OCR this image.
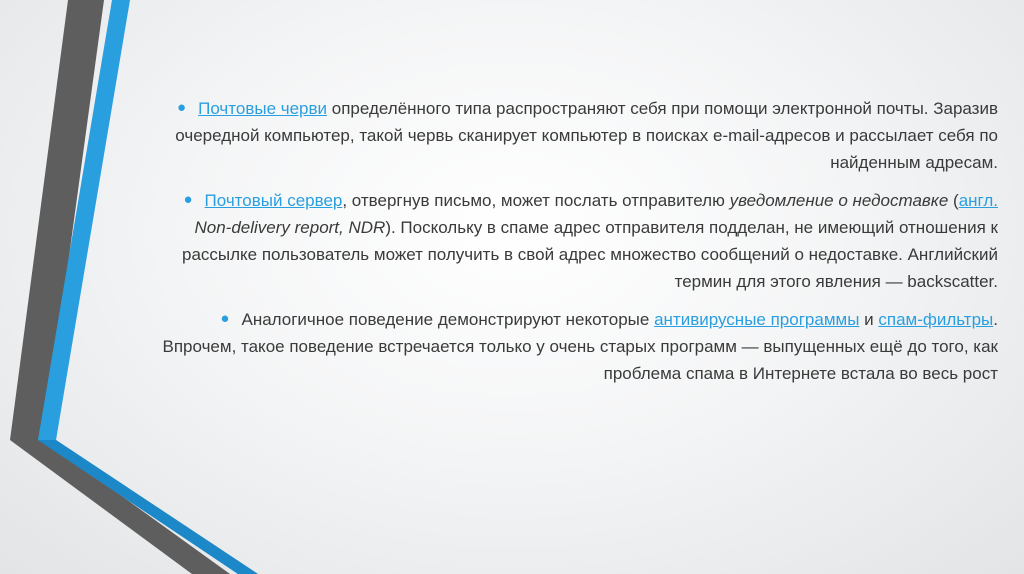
● Почтовые черви определённого типа распространяют себя при помощи электронной почты. Заразив очередной компьютер, такой червь сканирует компьютер в поисках e-mail-адресов и рассылает себя по найденным адресам.

● Почтовый сервер, отвергнув письмо, может послать отправителю уведомление о недоставке (англ. Non-delivery report, NDR). Поскольку в спаме адрес отправителя подделан, не имеющий отношения к рассылке пользователь может получить в свой адрес множество сообщений о недоставке. Английский термин для этого явления — backscatter.

● Аналогичное поведение демонстрируют некоторые антивирусные программы и спам-фильтры. Впрочем, такое поведение встречается только у очень старых программ — выпущенных ещё до того, как проблема спама в Интернете встала во весь рост
